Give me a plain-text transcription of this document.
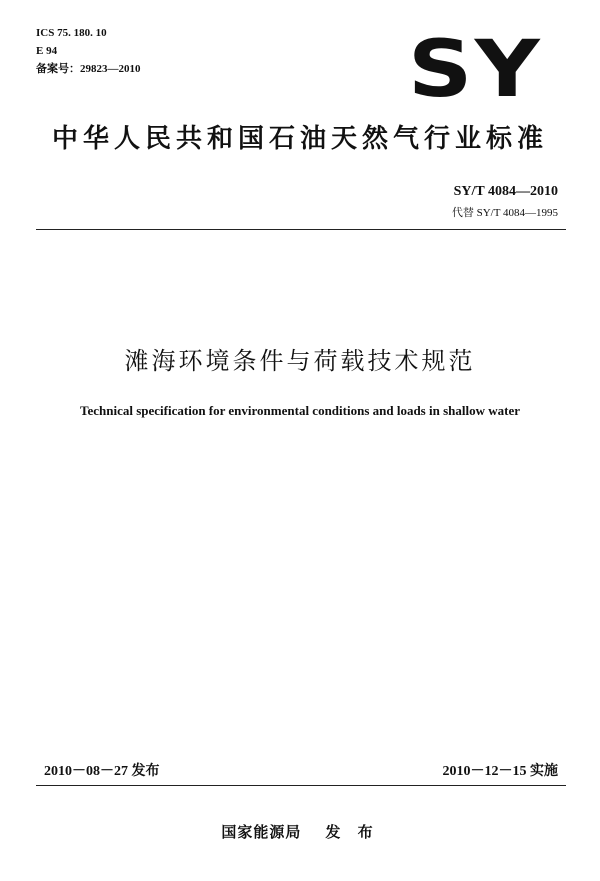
ICS 75. 180. 10
E 94
备案号：29823—2010	SY
中华人民共和国石油天然气行业标准
SY/T 4084—2010
代替 SY/T 4084—1995
滩海环境条件与荷载技术规范
Technical specification for environmental conditions and loads in shallow water
2010－08－27 发布	2010－12－15 实施
国家能源局 发 布
